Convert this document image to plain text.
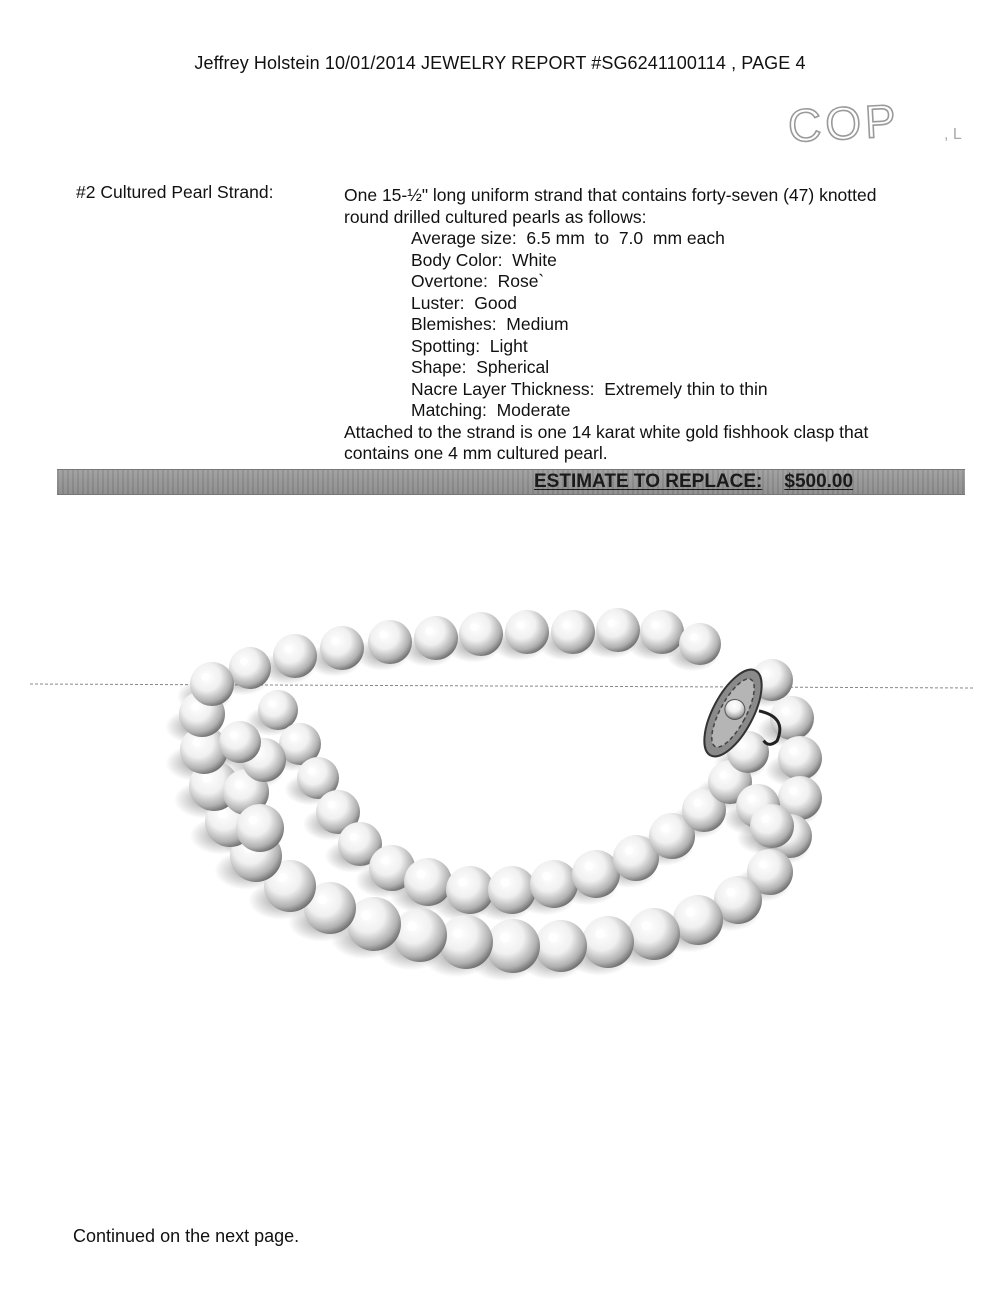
Jeffrey Holstein 10/01/2014 JEWELRY REPORT #SG6241100114 , PAGE 4
COP	, L
#2 Cultured Pearl Strand:	One 15-½" long uniform strand that contains forty-seven (47) knotted
round drilled cultured pearls as follows:
Average size:  6.5 mm  to  7.0  mm each
Body Color:  White
Overtone:  Rose`
Luster:  Good
Blemishes:  Medium
Spotting:  Light
Shape:  Spherical
Nacre Layer Thickness:  Extremely thin to thin
Matching:  Moderate
Attached to the strand is one 14 karat white gold fishhook clasp that
contains one 4 mm cultured pearl.
ESTIMATE TO REPLACE: $500.00
Continued on the next page.
